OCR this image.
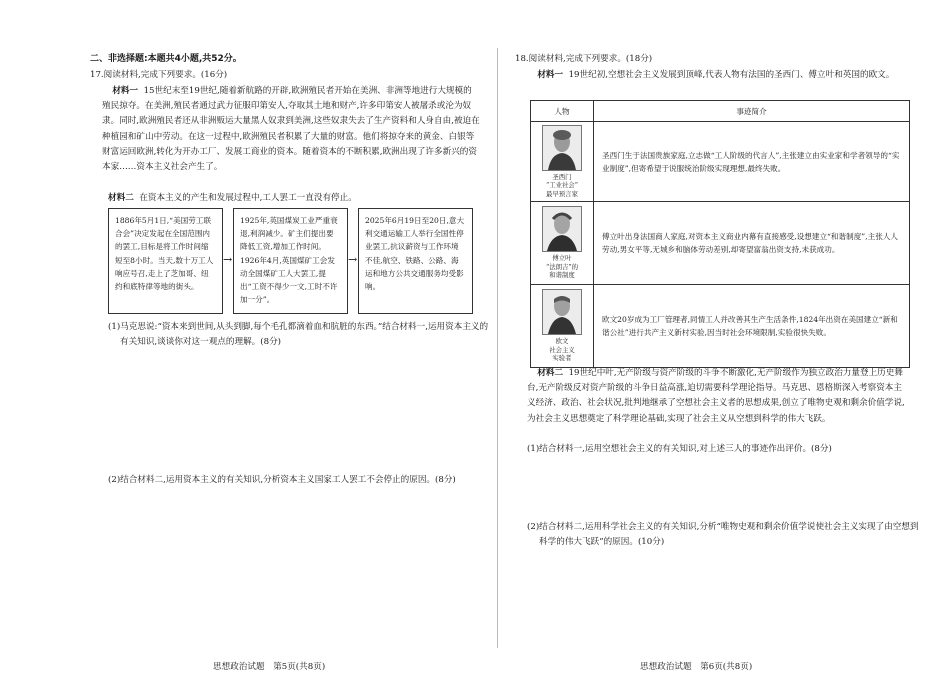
二、非选择题:本题共4小题,共52分。
17.阅读材料,完成下列要求。(16分)
材料一 15世纪末至19世纪,随着新航路的开辟,欧洲殖民者开始在美洲、非洲等地进行大规模的殖民掠夺。在美洲,殖民者通过武力征服印第安人,夺取其土地和财产,许多印第安人被屠杀或沦为奴隶。同时,欧洲殖民者还从非洲贩运大量黑人奴隶到美洲,这些奴隶失去了生产资料和人身自由,被迫在种植园和矿山中劳动。在这一过程中,欧洲殖民者积累了大量的财富。他们将掠夺来的黄金、白银等财富运回欧洲,转化为开办工厂、发展工商业的资本。随着资本的不断积累,欧洲出现了许多新兴的资本家……资本主义社会产生了。
材料二 在资本主义的产生和发展过程中,工人罢工一直没有停止。
1886年5月1日,“美国劳工联合会”决定发起在全国范围内的罢工,目标是将工作时间缩短至8小时。当天,数十万工人响应号召,走上了芝加哥、纽约和底特律等地的街头。
→
1925年,英国煤炭工业严重衰退,利润减少。矿主们提出要降低工资,增加工作时间。1926年4月,英国煤矿工会发动全国煤矿工人大罢工,提出“工资不得少一文,工时不许加一分”。
→
2025年6月19日至20日,意大利交通运输工人举行全国性停业罢工,抗议薪资与工作环境不佳,航空、铁路、公路、海运和地方公共交通服务均受影响。
(1)马克思说:“资本来到世间,从头到脚,每个毛孔都滴着血和肮脏的东西。”结合材料一,运用资本主义的有关知识,谈谈你对这一观点的理解。(8分)
(2)结合材料二,运用资本主义的有关知识,分析资本主义国家工人罢工不会停止的原因。(8分)
思想政治试题　第5页(共8页)
18.阅读材料,完成下列要求。(18分)
材料一 19世纪初,空想社会主义发展到顶峰,代表人物有法国的圣西门、傅立叶和英国的欧文。
人物	事迹简介

圣西门
“工业社会”
最早预言家	圣西门生于法国贵族家庭,立志做“工人阶级的代言人”,主张建立由实业家和学者领导的“实业制度”,但寄希望于说服统治阶级实现理想,最终失败。

傅立叶
“法朗吉”的
和谐制度	傅立叶出身法国商人家庭,对资本主义商业内幕有直接感受,设想建立“和谐制度”,主张人人劳动,男女平等,无城乡和脑体劳动差别,却寄望富翁出资支持,未获成功。

欧文
社会主义
实验者	欧文20岁成为工厂管理者,同情工人并改善其生产生活条件,1824年出资在美国建立“新和谐公社”进行共产主义新村实验,因当时社会环境限制,实验很快失败。
材料二 19世纪中叶,无产阶级与资产阶级的斗争不断激化,无产阶级作为独立政治力量登上历史舞台,无产阶级反对资产阶级的斗争日益高涨,迫切需要科学理论指导。马克思、恩格斯深入考察资本主义经济、政治、社会状况,批判地继承了空想社会主义者的思想成果,创立了唯物史观和剩余价值学说,为社会主义思想奠定了科学理论基础,实现了社会主义从空想到科学的伟大飞跃。
(1)结合材料一,运用空想社会主义的有关知识,对上述三人的事迹作出评价。(8分)
(2)结合材料二,运用科学社会主义的有关知识,分析“唯物史观和剩余价值学说使社会主义实现了由空想到科学的伟大飞跃”的原因。(10分)
思想政治试题　第6页(共8页)
